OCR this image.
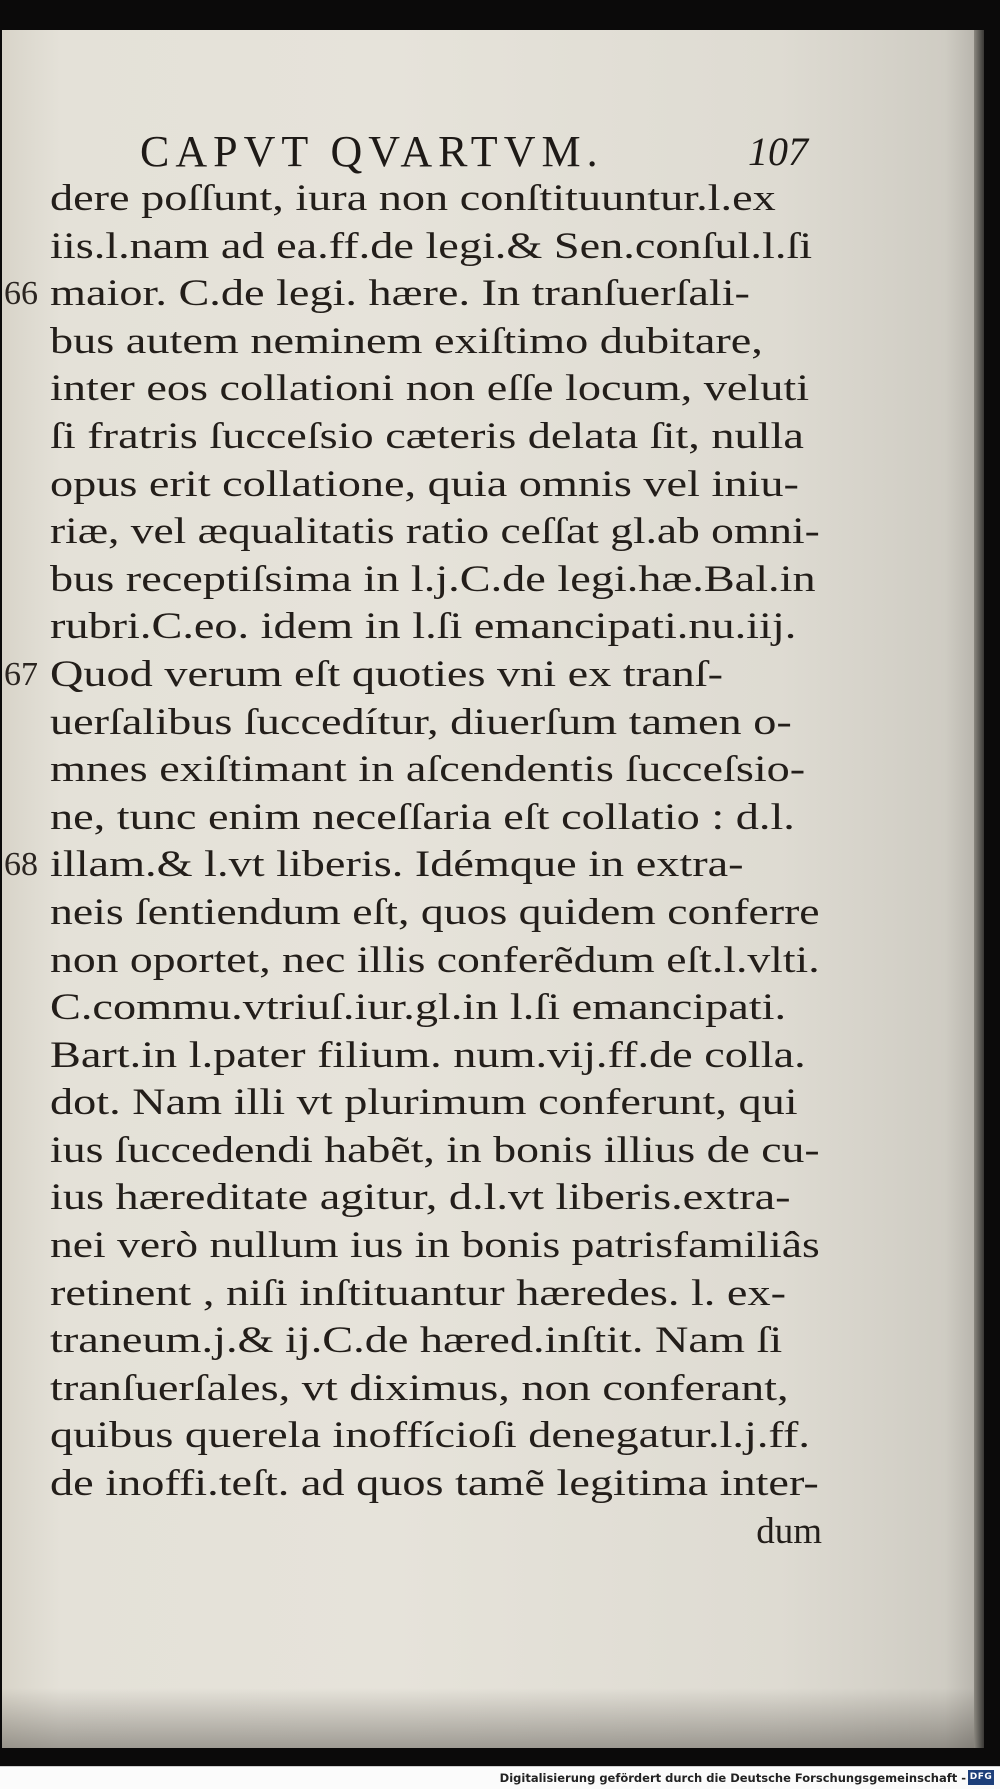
CAPVT QVARTVM.	107
dere poſſunt, iura non conſtituuntur.l.ex
iis.l.nam ad ea.ff.de legi.& Sen.conſul.l.ſi
66 maior. C.de legi. hære. In tranſuerſali-
bus autem neminem exiſtimo dubitare,
inter eos collationi non eſſe locum, veluti
ſi fratris ſucceſsio cæteris delata ſit, nulla
opus erit collatione, quia omnis vel iniu-
riæ, vel æqualitatis ratio ceſſat gl.ab omni-
bus receptiſsima in l.j.C.de legi.hæ.Bal.in
rubri.C.eo. idem in l.ſi emancipati.nu.iij.
67 Quod verum eſt quoties vni ex tranſ-
uerſalibus ſuccedítur, diuerſum tamen o-
mnes exiſtimant in aſcendentis ſucceſsio-
ne, tunc enim neceſſaria eſt collatio : d.l.
68 illam.& l.vt liberis. Idémque in extra-
neis ſentiendum eſt, quos quidem conferre
non oportet, nec illis conferẽdum eſt.l.vlti.
C.commu.vtriuſ.iur.gl.in l.ſi emancipati.
Bart.in l.pater filium. num.vij.ff.de colla.
dot. Nam illi vt plurimum conferunt, qui
ius ſuccedendi habẽt, in bonis illius de cu-
ius hæreditate agitur, d.l.vt liberis.extra-
nei verò nullum ius in bonis patrisfamiliâs
retinent , niſi inſtituantur hæredes. l. ex-
traneum.j.& ij.C.de hæred.inſtit. Nam ſi
tranſuerſales, vt diximus, non conferant,
quibus querela inoffícioſi denegatur.l.j.ff.
de inoffi.teſt. ad quos tamẽ legitima inter-
dum
Digitalisierung gefördert durch die Deutsche Forschungsgemeinschaft - DFG
